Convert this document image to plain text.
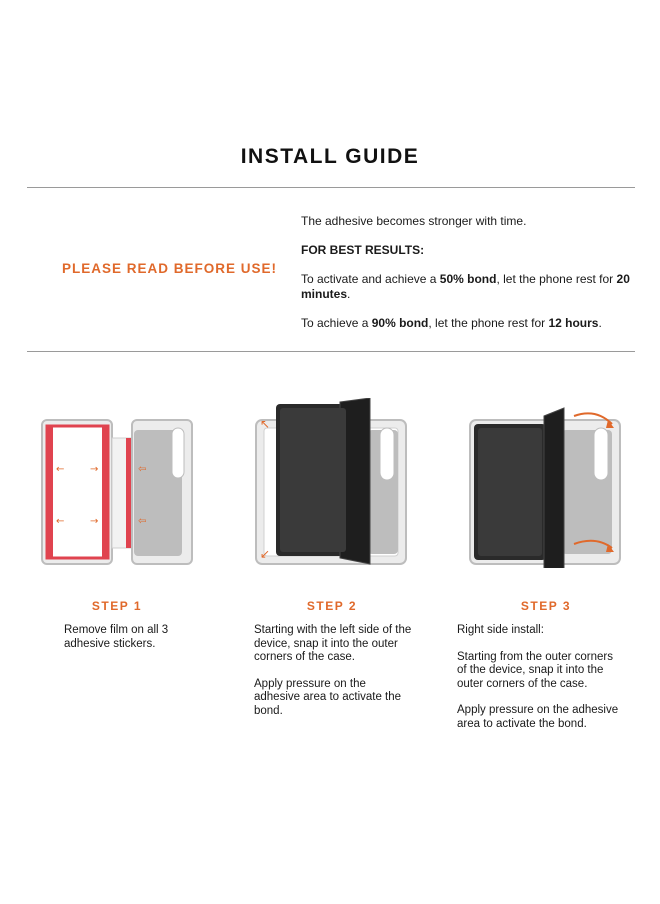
INSTALL GUIDE
PLEASE READ BEFORE USE!

The adhesive becomes stronger with time.

FOR BEST RESULTS:

To activate and achieve a 50% bond, let the phone rest for 20 minutes.

To achieve a 90% bond, let the phone rest for 12 hours.

←	→
←	→
⇦
⇦
↖
↙
STEP 1

Remove film on all 3 adhesive stickers.

STEP 2

Starting with the left side of the device, snap it into the outer corners of the case.

Apply pressure on the adhesive area to activate the bond.

STEP 3

Right side install:

Starting from the outer corners of the device, snap it into the outer corners of the case.

Apply pressure on the adhesive area to activate the bond.
